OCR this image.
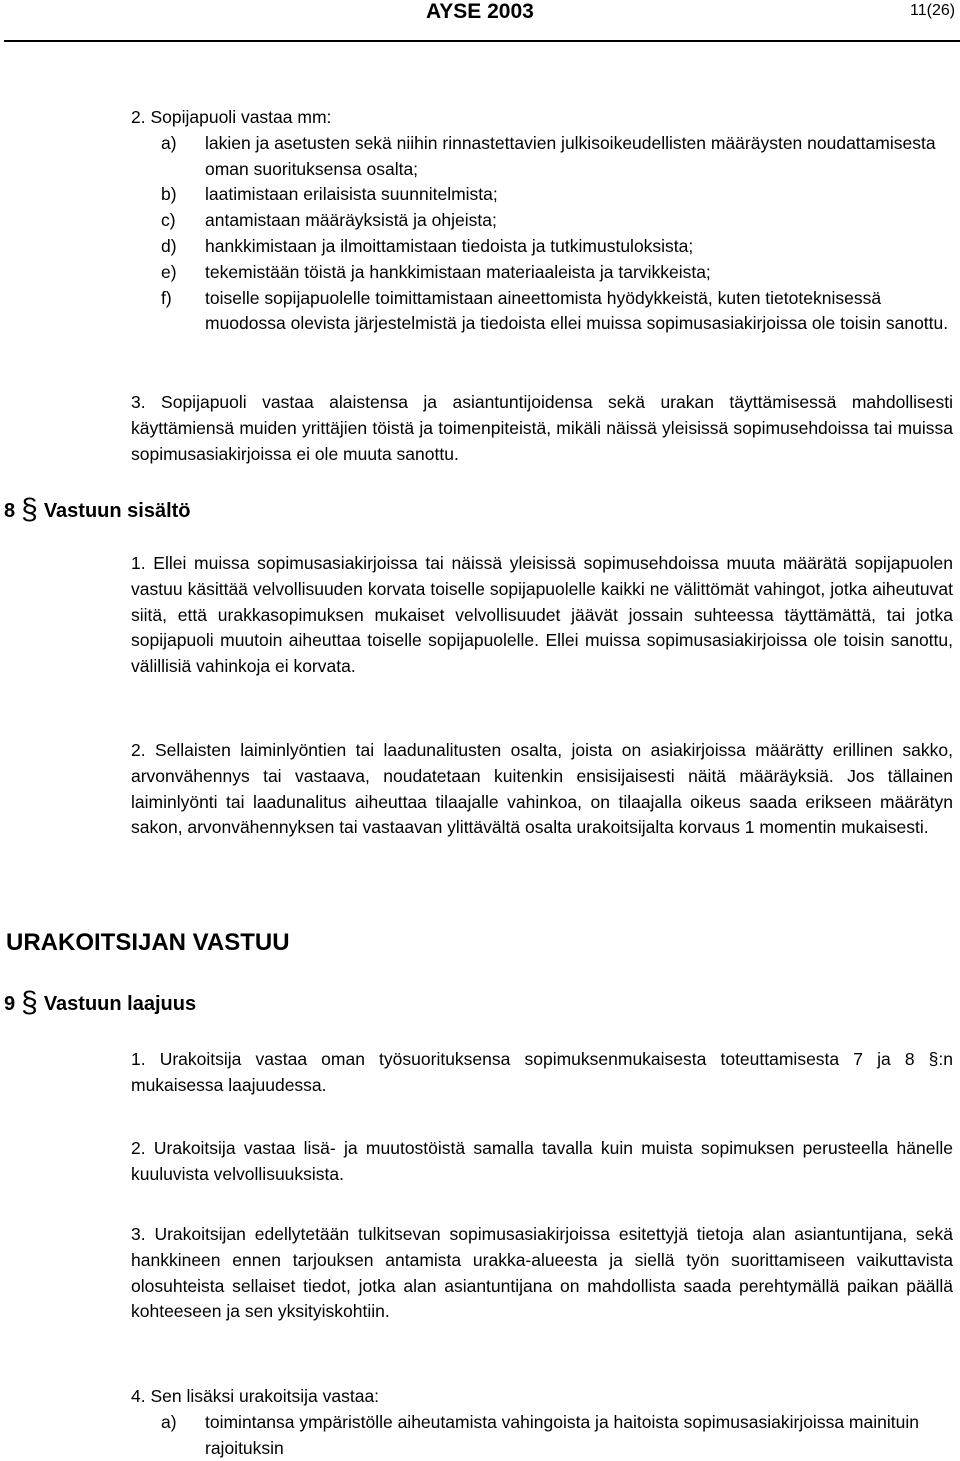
AYSE 2003	11(26)
2. Sopijapuoli vastaa mm:
a) lakien ja asetusten sekä niihin rinnastettavien julkisoikeudellisten määräysten noudattamisesta oman suorituksensa osalta;
b) laatimistaan erilaisista suunnitelmista;
c) antamistaan määräyksistä ja ohjeista;
d) hankkimistaan ja ilmoittamistaan tiedoista ja tutkimustuloksista;
e) tekemistään töistä ja hankkimistaan materiaaleista ja tarvikkeista;
f) toiselle sopijapuolelle toimittamistaan aineettomista hyödykkeistä, kuten tietoteknisessä muodossa olevista järjestelmistä ja tiedoista ellei muissa sopimusasiakirjoissa ole toisin sanottu.
3. Sopijapuoli vastaa alaistensa ja asiantuntijoidensa sekä urakan täyttämisessä mahdollisesti käyttämiensä muiden yrittäjien töistä ja toimenpiteistä, mikäli näissä yleisissä sopimusehdoissa tai muissa sopimusasiakirjoissa ei ole muuta sanottu.
8 § Vastuun sisältö
1. Ellei muissa sopimusasiakirjoissa tai näissä yleisissä sopimusehdoissa muuta määrätä sopijapuolen vastuu käsittää velvollisuuden korvata toiselle sopijapuolelle kaikki ne välittömät vahingot, jotka aiheutuvat siitä, että urakkasopimuksen mukaiset velvollisuudet jäävät jossain suhteessa täyttämättä, tai jotka sopijapuoli muutoin aiheuttaa toiselle sopijapuolelle. Ellei muissa sopimusasiakirjoissa ole toisin sanottu, välillisiä vahinkoja ei korvata.
2. Sellaisten laiminlyöntien tai laadunalitusten osalta, joista on asiakirjoissa määrätty erillinen sakko, arvonvähennys tai vastaava, noudatetaan kuitenkin ensisijaisesti näitä määräyksiä. Jos tällainen laiminlyönti tai laadunalitus aiheuttaa tilaajalle vahinkoa, on tilaajalla oikeus saada erikseen määrätyn sakon, arvonvähennyksen tai vastaavan ylittävältä osalta urakoitsijalta korvaus 1 momentin mukaisesti.
URAKOITSIJAN VASTUU
9 § Vastuun laajuus
1. Urakoitsija vastaa oman työsuorituksensa sopimuksenmukaisesta toteuttamisesta 7 ja 8 §:n mukaisessa laajuudessa.
2. Urakoitsija vastaa lisä- ja muutostöistä samalla tavalla kuin muista sopimuksen perusteella hänelle kuuluvista velvollisuuksista.
3. Urakoitsijan edellytetään tulkitsevan sopimusasiakirjoissa esitettyjä tietoja alan asiantuntijana, sekä hankkineen ennen tarjouksen antamista urakka-alueesta ja siellä työn suorittamiseen vaikuttavista olosuhteista sellaiset tiedot, jotka alan asiantuntijana on mahdollista saada perehtymällä paikan päällä kohteeseen ja sen yksityiskohtiin.
4. Sen lisäksi urakoitsija vastaa:
a) toimintansa ympäristölle aiheutamista vahingoista ja haitoista sopimusasiakirjoissa mainituin rajoituksin
